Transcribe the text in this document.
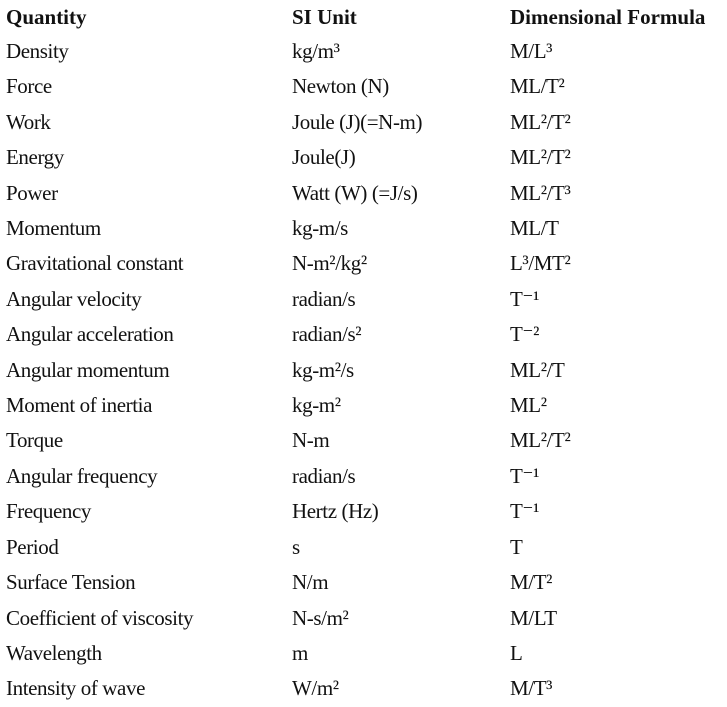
Quantity	SI Unit	Dimensional Formula
Density	kg/m³	M/L³
Force	Newton (N)	ML/T²
Work	Joule (J)(=N-m)	ML²/T²
Energy	Joule(J)	ML²/T²
Power	Watt (W) (=J/s)	ML²/T³
Momentum	kg-m/s	ML/T
Gravitational constant	N-m²/kg²	L³/MT²
Angular velocity	radian/s	T⁻¹
Angular acceleration	radian/s²	T⁻²
Angular momentum	kg-m²/s	ML²/T
Moment of inertia	kg-m²	ML²
Torque	N-m	ML²/T²
Angular frequency	radian/s	T⁻¹
Frequency	Hertz (Hz)	T⁻¹
Period	s	T
Surface Tension	N/m	M/T²
Coefficient of viscosity	N-s/m²	M/LT
Wavelength	m	L
Intensity of wave	W/m²	M/T³
